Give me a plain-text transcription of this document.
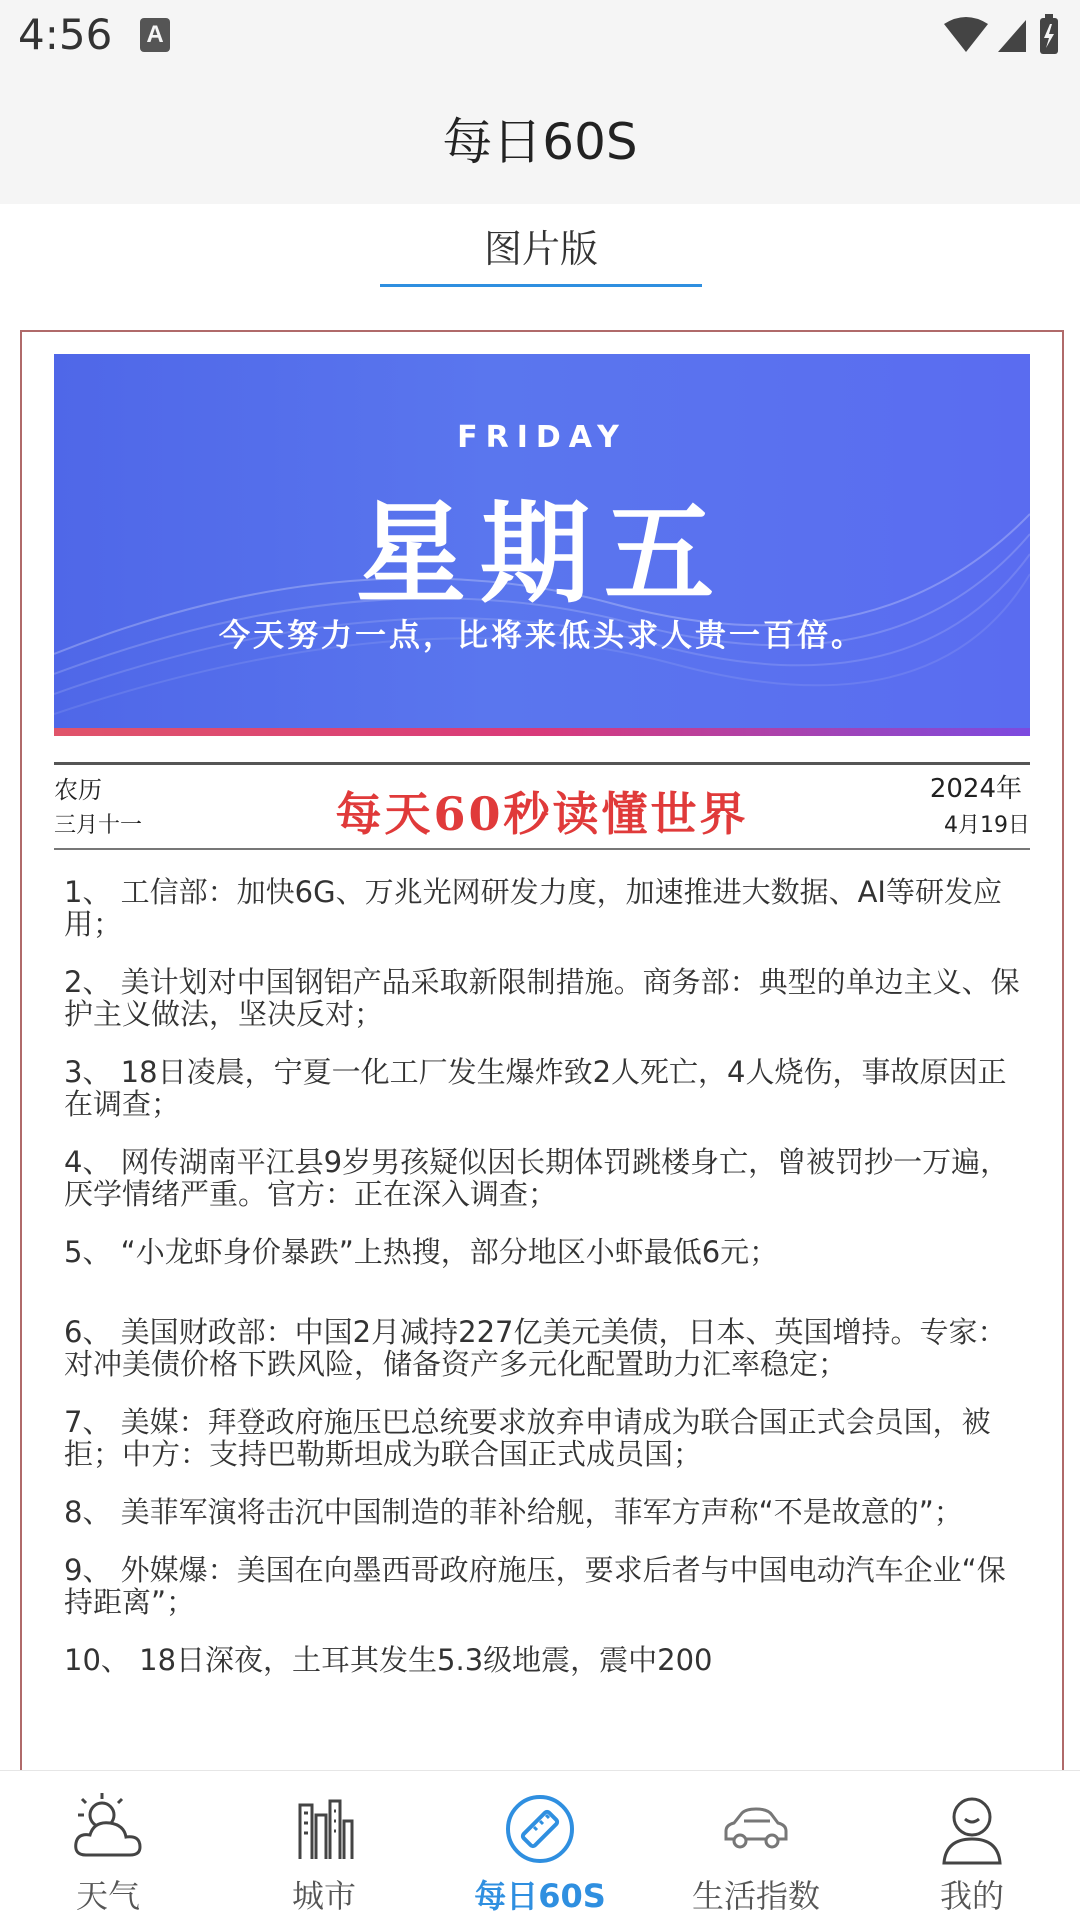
4:56 A
每日60S
图片版
FRIDAY
星期五
今天努力一点，比将来低头求人贵一百倍。
农历
三月十一	每天60秒读懂世界	2024年
4月19日

1、 工信部：加快6G、万兆光网研发力度，加速推进大数据、AI等研发应用；

2、 美计划对中国钢铝产品采取新限制措施。商务部：典型的单边主义、保护主义做法，坚决反对；

3、 18日凌晨，宁夏一化工厂发生爆炸致2人死亡，4人烧伤，事故原因正在调查；

4、 网传湖南平江县9岁男孩疑似因长期体罚跳楼身亡，曾被罚抄一万遍，厌学情绪严重。官方：正在深入调查；

5、 “小龙虾身价暴跌”上热搜，部分地区小虾最低6元；

6、 美国财政部：中国2月减持227亿美元美债，日本、英国增持。专家：对冲美债价格下跌风险，储备资产多元化配置助力汇率稳定；

7、 美媒：拜登政府施压巴总统要求放弃申请成为联合国正式会员国，被拒；中方：支持巴勒斯坦成为联合国正式成员国；

8、 美菲军演将击沉中国制造的菲补给舰，菲军方声称“不是故意的”；

9、 外媒爆：美国在向墨西哥政府施压，要求后者与中国电动汽车企业“保持距离”；

10、 18日深夜，土耳其发生5.3级地震，震中200

天气	城市	每日60S	生活指数	我的
